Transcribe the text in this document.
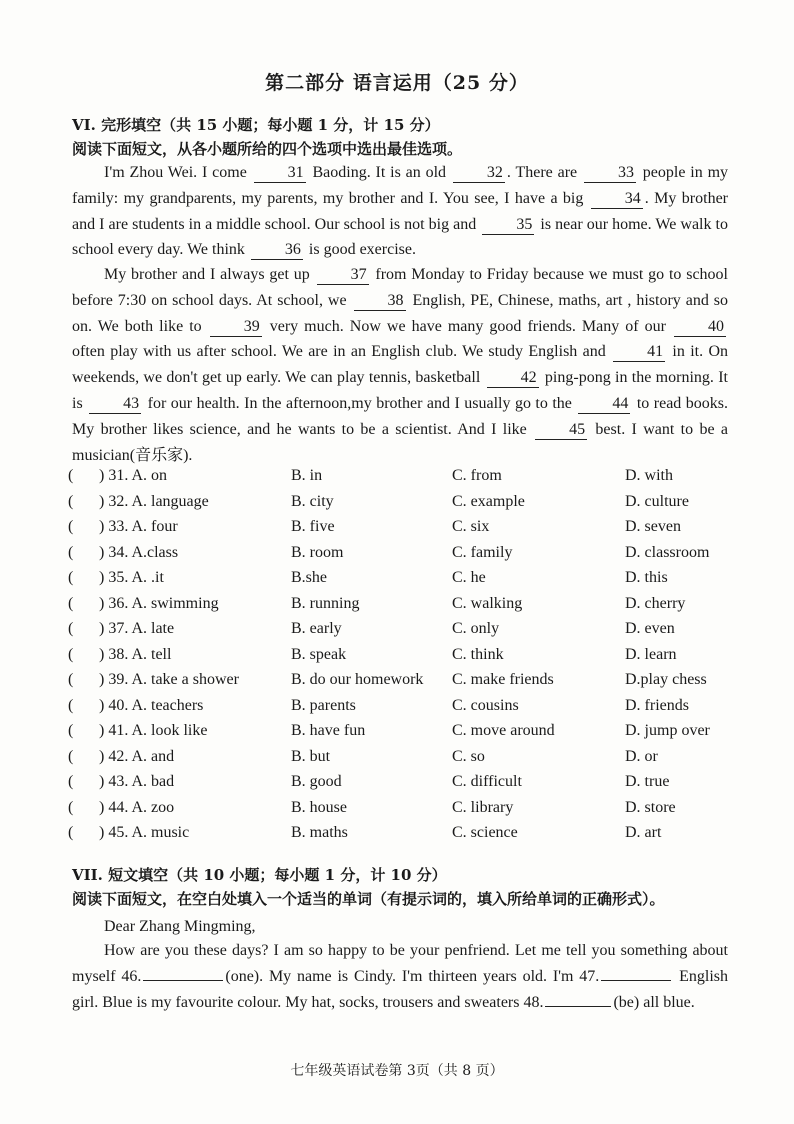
第二部分 语言运用（25 分）
VI. 完形填空（共 15 小题；每小题 1 分，计 15 分）
阅读下面短文，从各小题所给的四个选项中选出最佳选项。
I'm Zhou Wei. I come 31 Baoding. It is an old 32 . There are 33 people in my family: my grandparents, my parents, my brother and I. You see, I have a big 34 . My brother and I are students in a middle school. Our school is not big and 35 is near our home. We walk to school every day. We think 36 is good exercise.
My brother and I always get up 37 from Monday to Friday because we must go to school before 7:30 on school days. At school, we 38 English, PE, Chinese, maths, art , history and so on. We both like to 39 very much. Now we have many good friends. Many of our 40 often play with us after school. We are in an English club. We study English and 41 in it. On weekends, we don't get up early. We can play tennis, basketball 42 ping-pong in the morning. It is 43 for our health. In the afternoon,my brother and I usually go to the 44 to read books. My brother likes science, and he wants to be a scientist. And I like 45 best. I want to be a musician(音乐家).
( ) 31. A. on	B. in	C. from	D. with
( ) 32. A. language	B. city	C. example	D. culture
( ) 33. A. four	B. five	C. six	D. seven
( ) 34. A.class	B. room	C. family	D. classroom
( ) 35. A. .it	B.she	C. he	D. this
( ) 36. A. swimming	B. running	C. walking	D. cherry
( ) 37. A. late	B. early	C. only	D. even
( ) 38. A. tell	B. speak	C. think	D. learn
( ) 39. A. take a shower	B. do our homework C. make friends	D.play chess
( ) 40. A. teachers	B. parents	C. cousins	D. friends
( ) 41. A. look like	B. have fun	C. move around	D. jump over
( ) 42. A. and	B. but	C. so	D. or
( ) 43. A. bad	B. good	C. difficult	D. true
( ) 44. A. zoo	B. house	C. library	D. store
( ) 45. A. music	B. maths	C. science	D. art
VII. 短文填空（共 10 小题；每小题 1 分，计 10 分）
阅读下面短文，在空白处填入一个适当的单词（有提示词的，填入所给单词的正确形式）。
Dear Zhang Mingming,
How are you these days? I am so happy to be your penfriend. Let me tell you something about myself 46.	(one). My name is Cindy. I'm thirteen years old. I'm 47.	English girl. Blue is my favourite colour. My hat, socks, trousers and sweaters 48.	(be) all blue.
七年级英语试卷第 3页（共 8 页）
